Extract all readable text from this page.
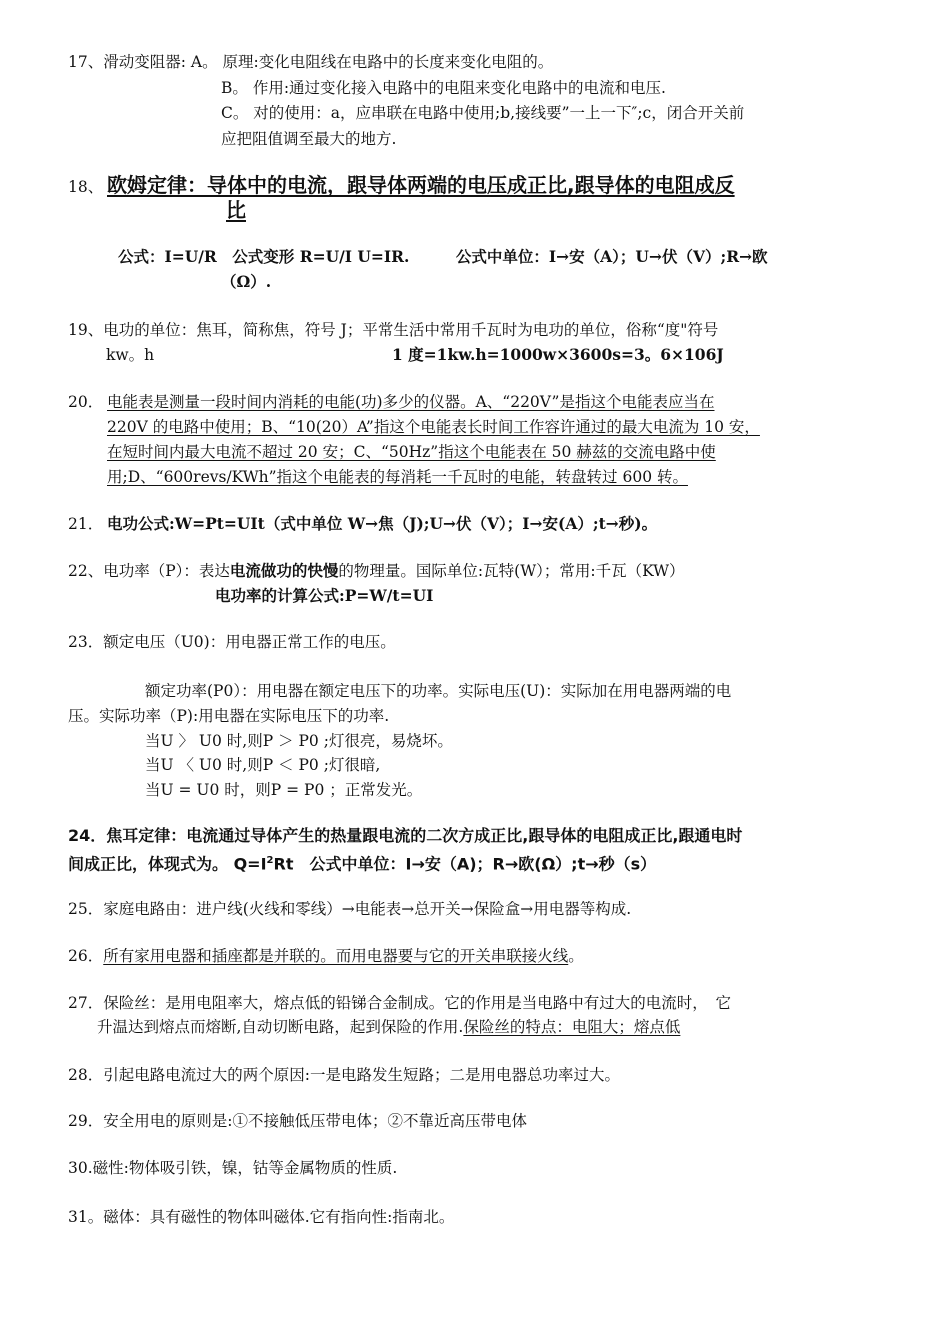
17、滑动变阻器: A。 原理:变化电阻线在电路中的长度来变化电阻的。
B。 作用:通过变化接入电路中的电阻来变化电路中的电流和电压.
C。 对的使用：a，应串联在电路中使用;b,接线要”一上一下″;c，闭合开关前
应把阻值调至最大的地方.
18、 欧姆定律：导体中的电流，跟导体两端的电压成正比,跟导体的电阻成反
比
公式：I=U/R　公式变形 R=U/I U=IR.　　　公式中单位：I→安（A）；U→伏（V）;R→欧
（Ω）.
19、电功的单位：焦耳，简称焦，符号 J；平常生活中常用千瓦时为电功的单位，俗称“度"符号
kw。h	1 度=1kw.h=1000w×3600s=3。6×106J
20． 电能表是测量一段时间内消耗的电能(功)多少的仪器。A、“220V”是指这个电能表应当在
220V 的电路中使用；B、“10(20）A”指这个电能表长时间工作容许通过的最大电流为 10 安，
在短时间内最大电流不超过 20 安；C、“50Hz”指这个电能表在 50 赫兹的交流电路中使
用;D、“600revs/KWh”指这个电能表的每消耗一千瓦时的电能，转盘转过 600 转。
21． 电功公式:W=Pt=UIt（式中单位 W→焦（J);U→伏（V）；I→安(A）;t→秒)。
22、电功率（P）：表达电流做功的快慢的物理量。国际单位:瓦特(W）；常用:千瓦（KW）
电功率的计算公式:P=W/t=UI
23．额定电压（U0)：用电器正常工作的电压。
额定功率(P0）：用电器在额定电压下的功率。实际电压(U)：实际加在用电器两端的电
压。实际功率（P):用电器在实际电压下的功率.
当U 〉 U0 时,则P ＞ P0 ;灯很亮，易烧坏。
当U 〈 U0 时,则P ＜ P0 ;灯很暗,
当U = U0 时，则P = P0 ；正常发光。
24．焦耳定律：电流通过导体产生的热量跟电流的二次方成正比,跟导体的电阻成正比,跟通电时
间成正比，体现式为。 $Q=I^2Rt$　公式中单位：I→安（A)；R→欧(Ω）;t→秒（s）
25．家庭电路由：进户线(火线和零线）→电能表→总开关→保险盒→用电器等构成.
26．所有家用电器和插座都是并联的。而用电器要与它的开关串联接火线。
27．保险丝：是用电阻率大，熔点低的铅锑合金制成。它的作用是当电路中有过大的电流时，　它
升温达到熔点而熔断,自动切断电路，起到保险的作用.保险丝的特点：电阻大；熔点低
28．引起电路电流过大的两个原因:一是电路发生短路；二是用电器总功率过大。
29．安全用电的原则是:①不接触低压带电体；②不靠近高压带电体
30.磁性:物体吸引铁，镍，钴等金属物质的性质.
31。磁体：具有磁性的物体叫磁体.它有指向性:指南北。
